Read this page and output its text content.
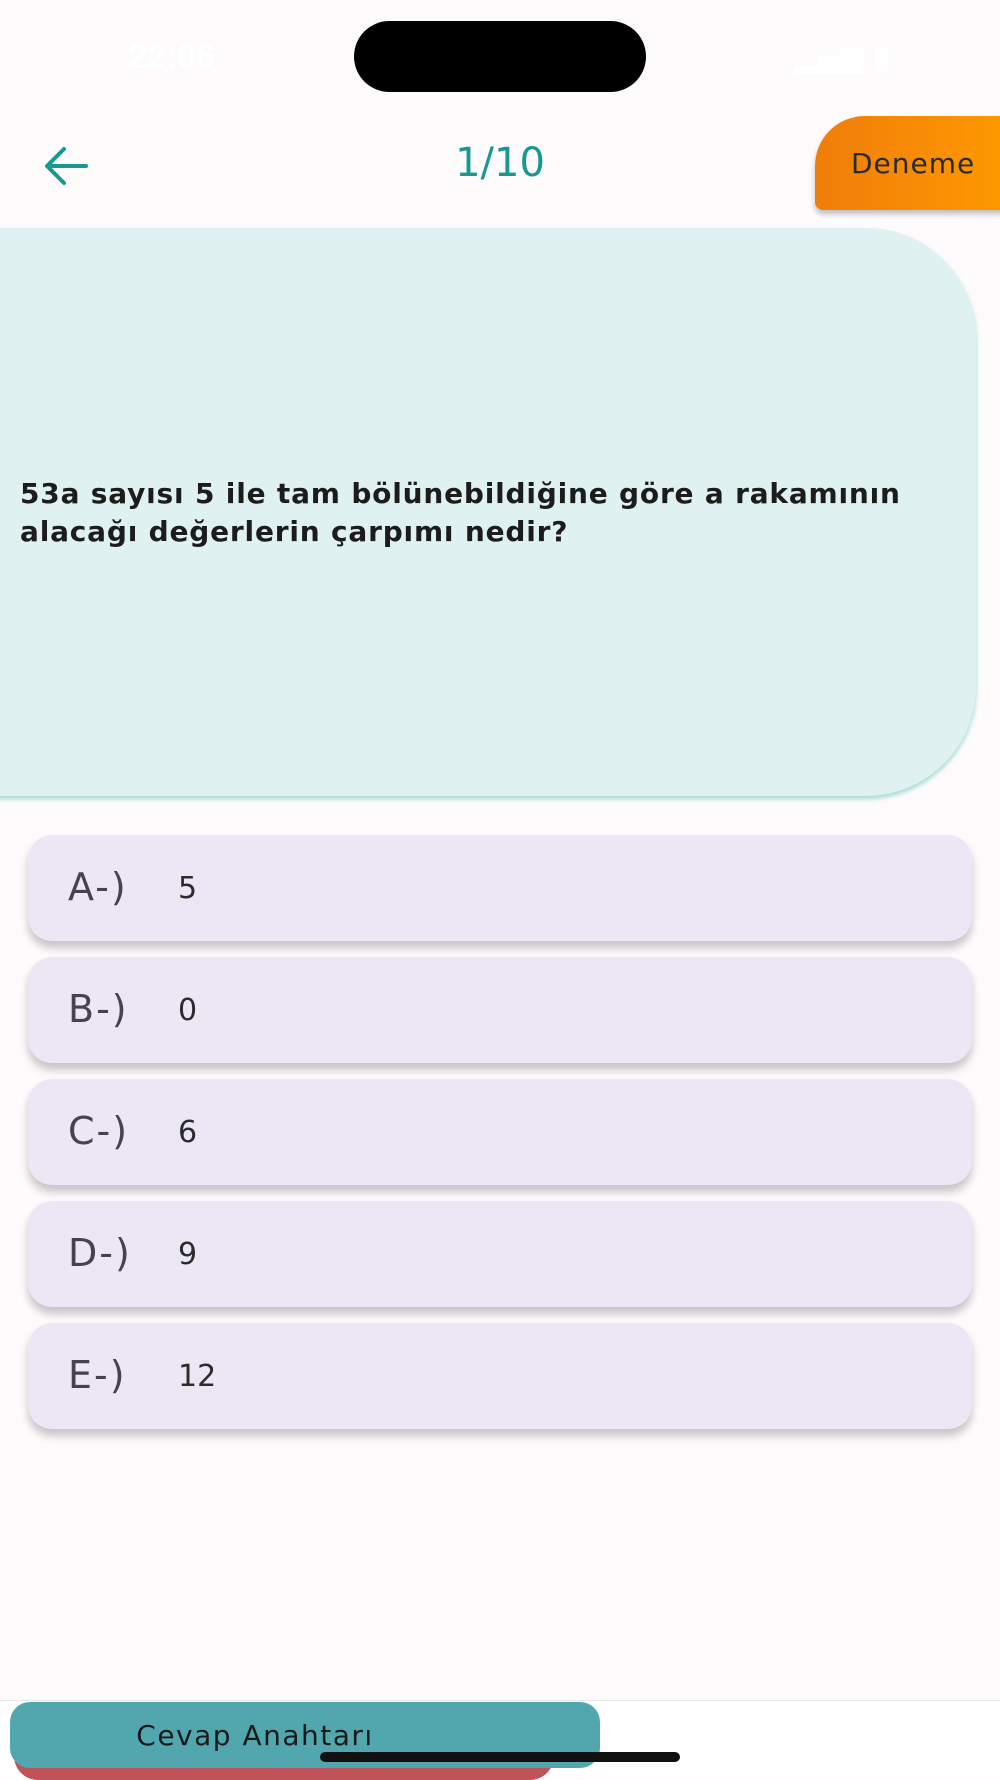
22:06	▂▄▆ ▮
1/10	Deneme
53a sayısı 5 ile tam bölünebildiğine göre a rakamının alacağı değerlerin çarpımı nedir?
A-) 5
B-) 0
C-) 6
D-) 9
E-) 12
Cevap Anahtarı
